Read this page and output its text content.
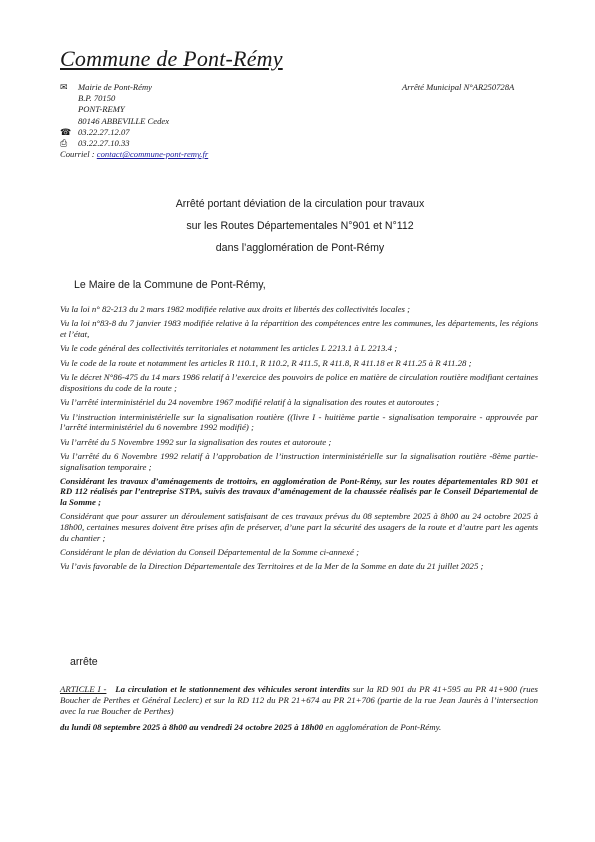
Commune de Pont-Rémy
✉	Mairie de Pont-Rémy
B.P. 70150
PONT-REMY
80146 ABBEVILLE Cedex
☎ 03.22.27.12.07
⎙	03.22.27.10.33
Courriel :
contact@commune-pont-remy.fr
Arrêté Municipal N°AR250728A
Arrêté portant déviation de la circulation pour travaux
sur les Routes Départementales N°901 et N°112
dans l’agglomération de Pont-Rémy
Le Maire de la Commune de Pont-Rémy,

Vu la loi n° 82-213 du 2 mars 1982 modifiée relative aux droits et libertés des collectivités locales ;

Vu la loi n°83-8 du 7 janvier 1983 modifiée relative à la répartition des compétences entre les communes, les départements, les régions et l’état,

Vu le code général des collectivités territoriales et notamment les articles L 2213.1 à L 2213.4 ;

Vu le code de la route et notamment les articles R 110.1, R 110.2, R 411.5, R 411.8, R 411.18 et R 411.25 à R 411.28 ;

Vu le décret N°86-475 du 14 mars 1986 relatif à l’exercice des pouvoirs de police en matière de circulation routière modifiant certaines dispositions du code de la route ;

Vu l’arrêté interministériel du 24 novembre 1967 modifié relatif à la signalisation des routes et autoroutes ;

Vu l’instruction interministérielle sur la signalisation routière ((livre I - huitième partie - signalisation temporaire - approuvée par l’arrêté interministériel du 6 novembre 1992 modifié) ;

Vu l’arrêté du 5 Novembre 1992 sur la signalisation des routes et autoroute ;

Vu l’arrêté du 6 Novembre 1992 relatif à l’approbation de l’instruction interministérielle sur la signalisation routière -8ème partie- signalisation temporaire ;

Considérant les travaux d’aménagements de trottoirs, en agglomération de Pont-Rémy, sur les routes départementales RD 901 et RD 112 réalisés par l’entreprise STPA, suivis des travaux d’aménagement de la chaussée réalisés par le Conseil Départemental de la Somme ;

Considérant que pour assurer un déroulement satisfaisant de ces travaux prévus du 08 septembre 2025 à 8h00 au 24 octobre 2025 à 18h00, certaines mesures doivent être prises afin de préserver, d’une part la sécurité des usagers de la route et d’autre part les agents du chantier ;

Considérant le plan de déviation du Conseil Départemental de la Somme ci-annexé ;

Vu l’avis favorable de la Direction Départementale des Territoires et de la Mer de la Somme en date du 21 juillet 2025 ;

arrête

ARTICLE I - La circulation et le stationnement des véhicules seront interdits sur la RD 901 du PR 41+595 au PR 41+900 (rues Boucher de Perthes et Général Leclerc) et sur la RD 112 du PR 21+674 au PR 21+706 (partie de la rue Jean Jaurès à l’intersection avec la rue Boucher de Perthes)

du lundi 08 septembre 2025 à 8h00 au vendredi 24 octobre 2025 à 18h00 en agglomération de Pont-Rémy.
